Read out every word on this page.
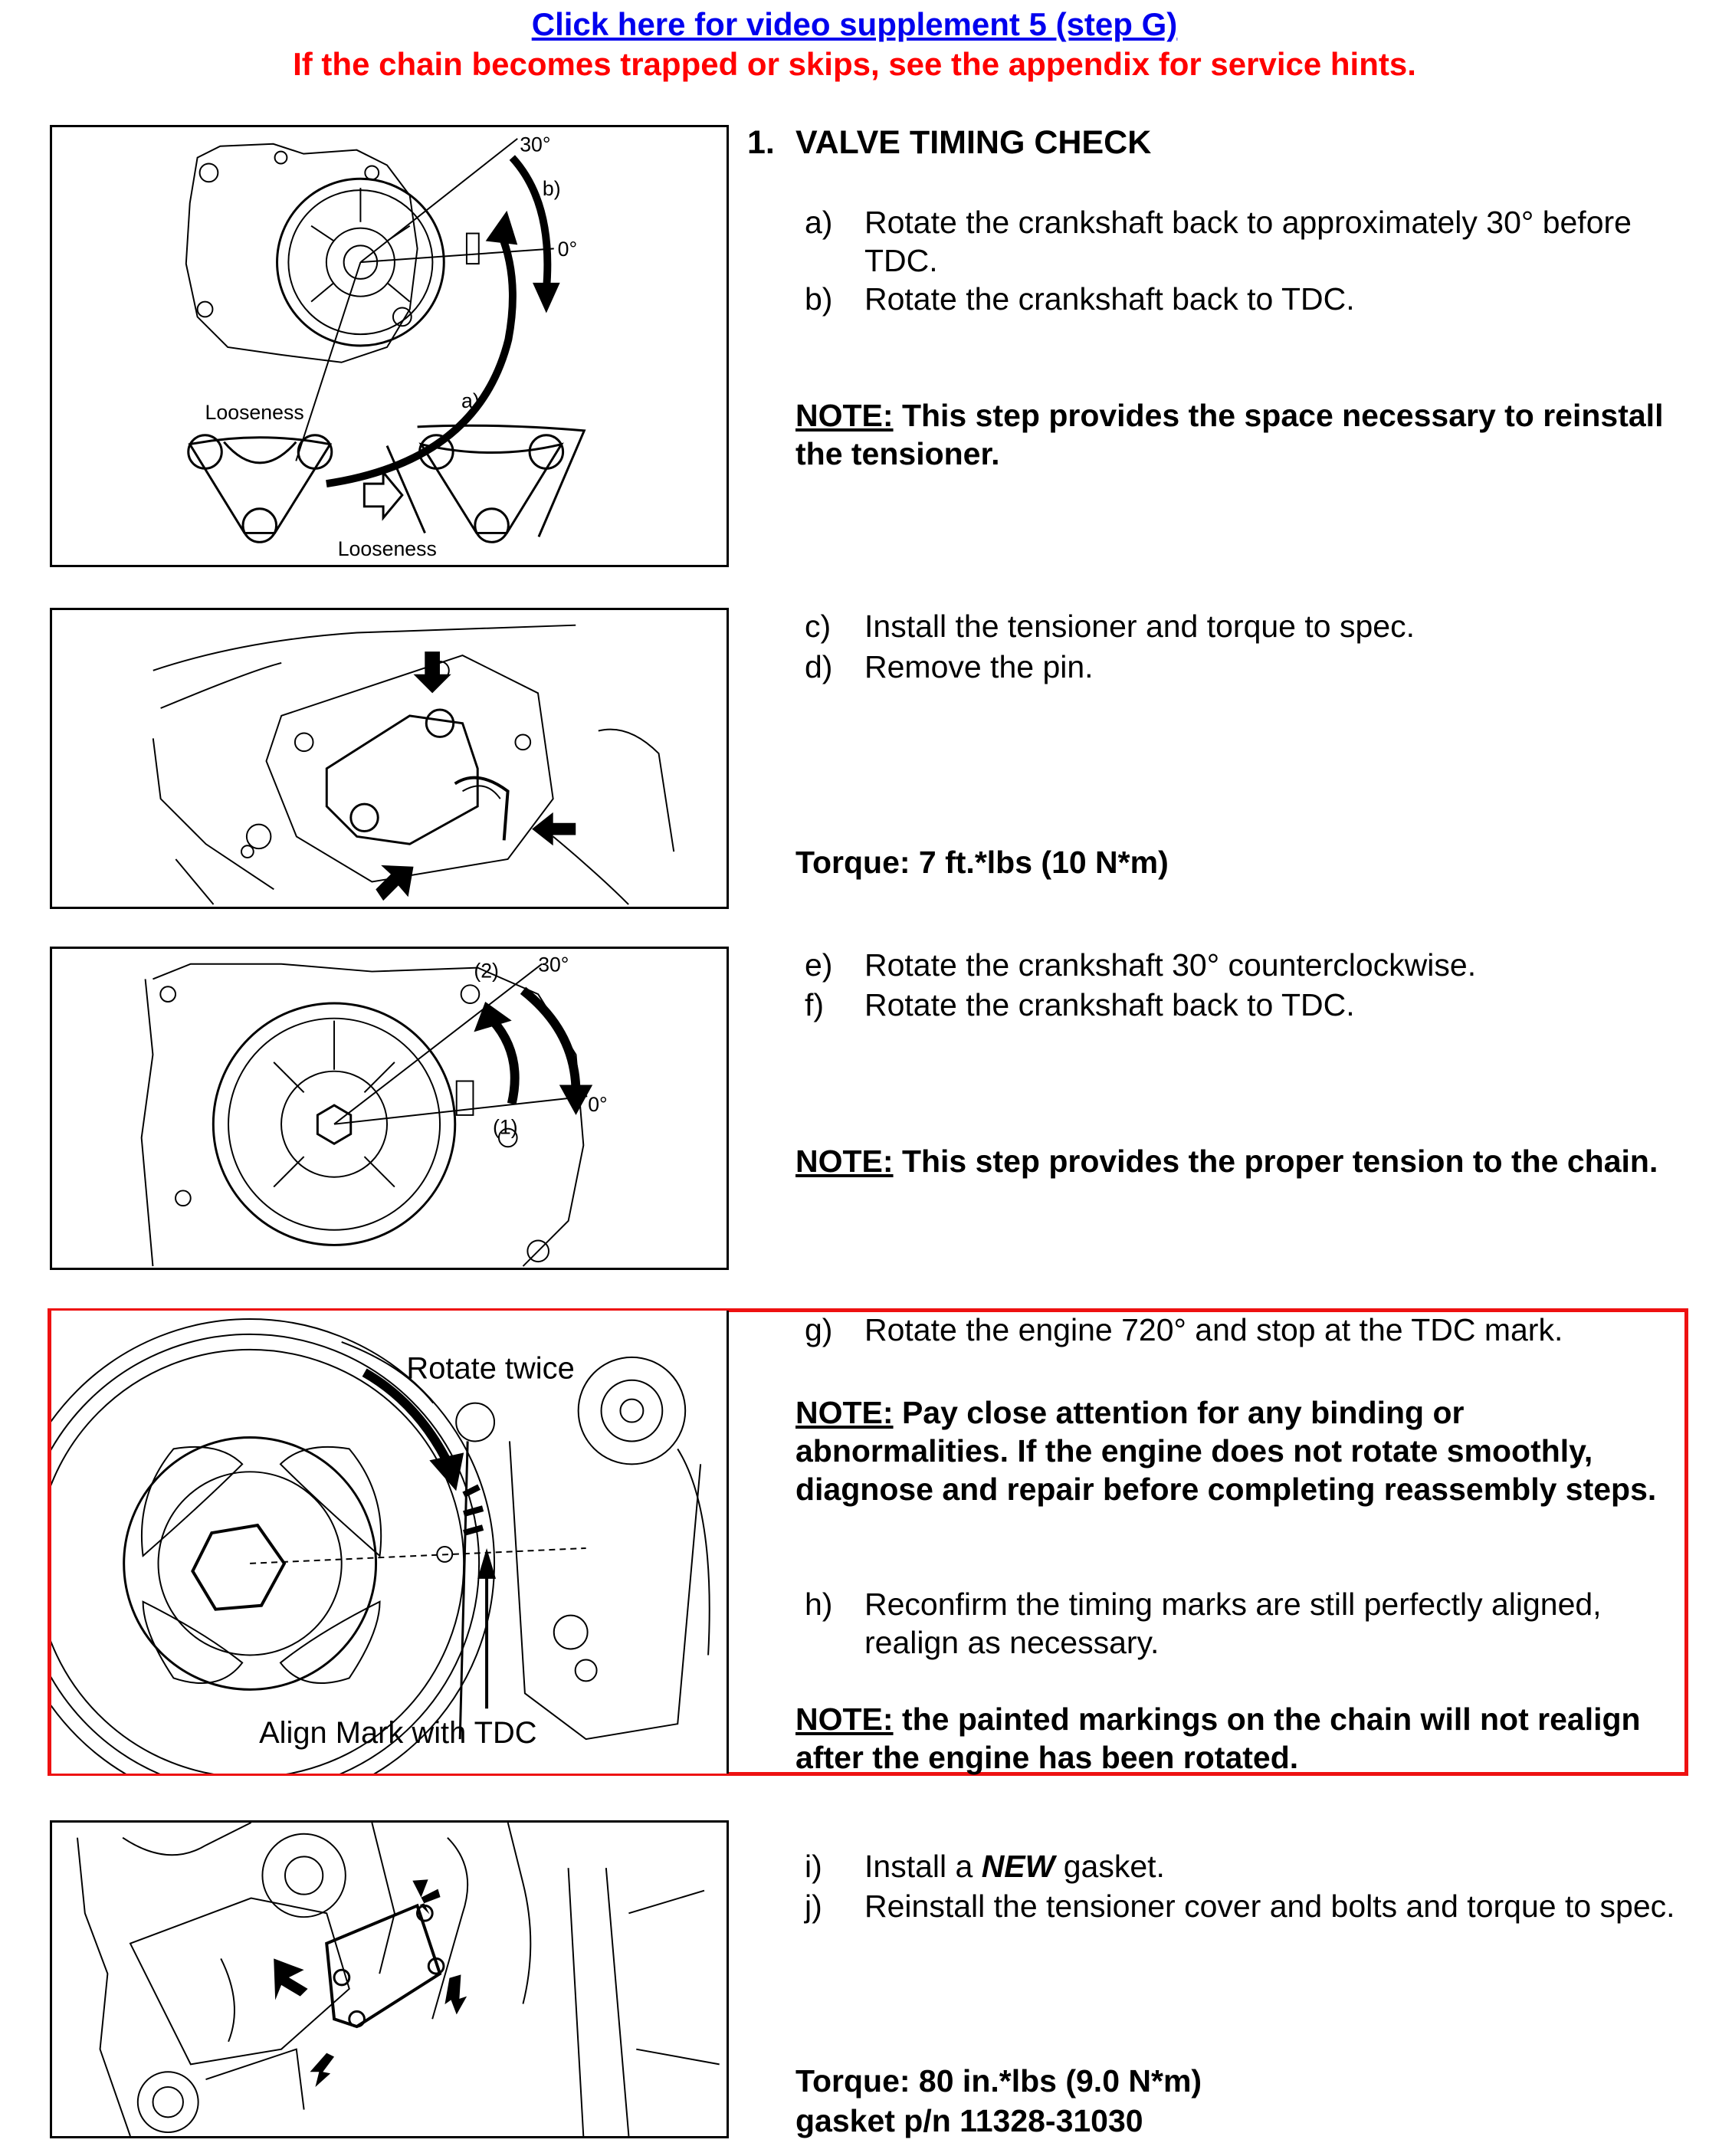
Click here for video supplement 5 (step G)
If the chain becomes trapped or skips, see the appendix for service hints.
1. VALVE TIMING CHECK
30°
0°
b)
a)
Looseness
Looseness
a) Rotate the crankshaft back to approximately 30° before TDC.
b) Rotate the crankshaft back to TDC.
NOTE: This step provides the space necessary to reinstall the tensioner.
c) Install the tensioner and torque to spec.
d) Remove the pin.
Torque: 7 ft.*lbs (10 N*m)
30°
0°
(2)
(1)
e) Rotate the crankshaft 30° counterclockwise.
f) Rotate the crankshaft back to TDC.
NOTE: This step provides the proper tension to the chain.
Rotate twice
Align Mark with TDC
g) Rotate the engine 720° and stop at the TDC mark.
NOTE: Pay close attention for any binding or abnormalities. If the engine does not rotate smoothly, diagnose and repair before completing reassembly steps.
h) Reconfirm the timing marks are still perfectly aligned, realign as necessary.
NOTE: the painted markings on the chain will not realign after the engine has been rotated.
i) Install a NEW gasket.
j) Reinstall the tensioner cover and bolts and torque to spec.
Torque: 80 in.*lbs (9.0 N*m)
gasket p/n 11328-31030
